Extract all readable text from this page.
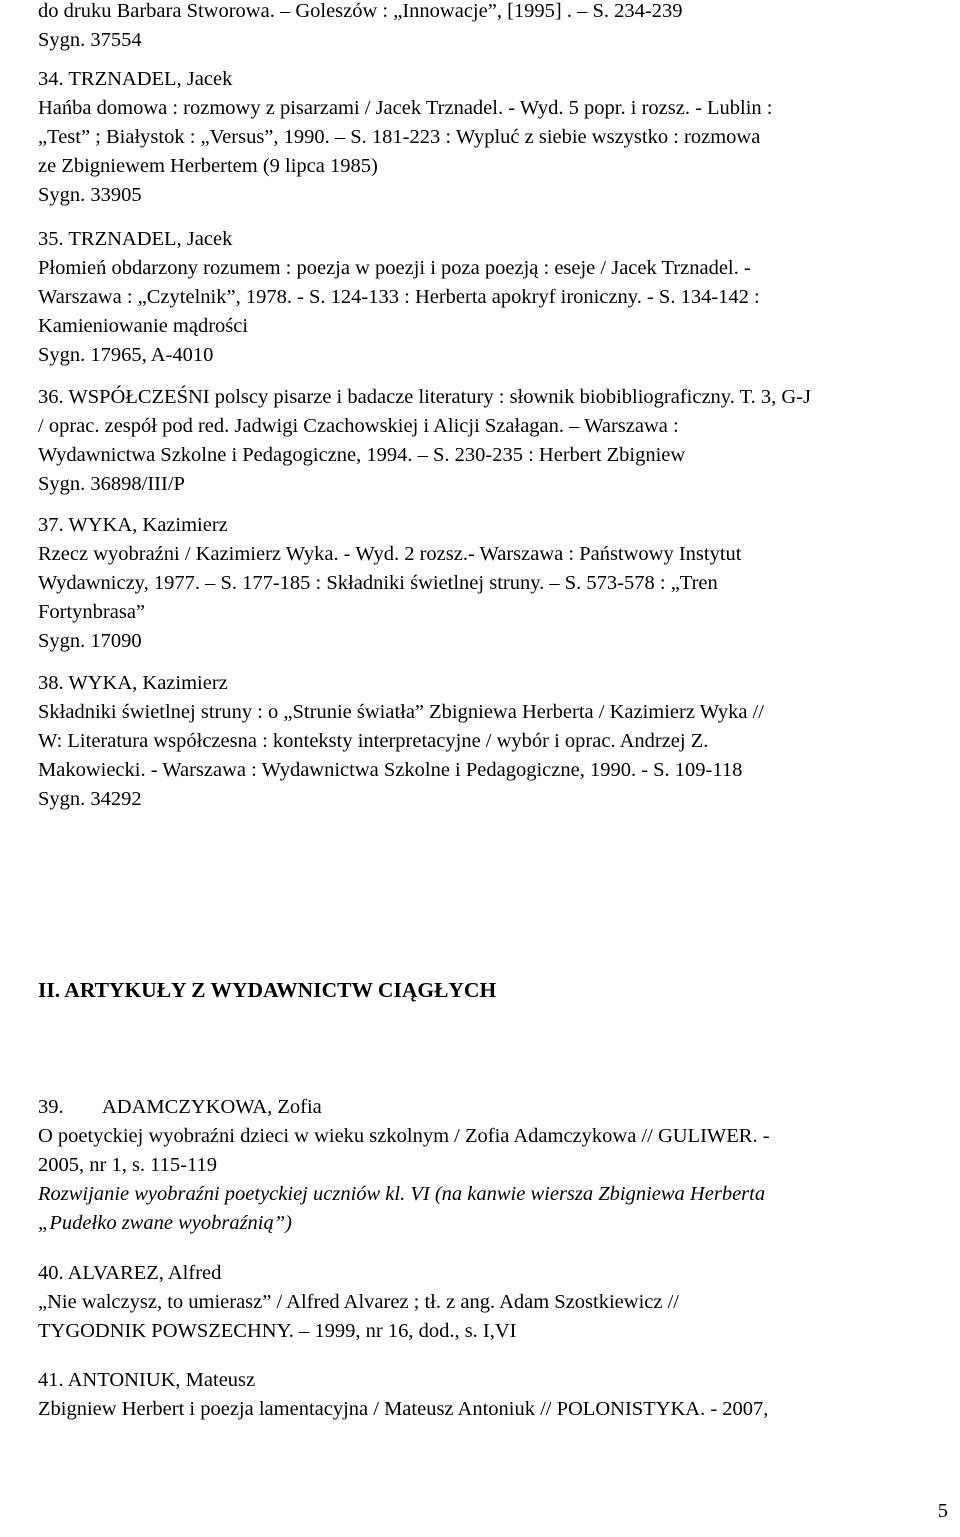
do druku Barbara Stworowa. – Goleszów : „Innowacje”, [1995] . – S. 234-239
Sygn. 37554
34. TRZNADEL, Jacek
Hańba domowa : rozmowy z pisarzami / Jacek Trznadel. - Wyd. 5 popr. i rozsz. - Lublin :
„Test” ; Białystok : „Versus”, 1990. – S. 181-223 : Wypluć z siebie wszystko : rozmowa
ze Zbigniewem Herbertem (9 lipca 1985)
Sygn. 33905
35. TRZNADEL, Jacek
Płomień obdarzony rozumem : poezja w poezji i poza poezją : eseje / Jacek Trznadel. -
Warszawa : „Czytelnik”, 1978. - S. 124-133 : Herberta apokryf ironiczny. - S. 134-142 :
Kamieniowanie mądrości
Sygn. 17965, A-4010
36. WSPÓŁCZEŚNI polscy pisarze i badacze literatury : słownik biobibliograficzny. T. 3, G-J
/ oprac. zespół pod red. Jadwigi Czachowskiej i Alicji Szałagan. – Warszawa :
Wydawnictwa Szkolne i Pedagogiczne, 1994. – S. 230-235 : Herbert Zbigniew
Sygn. 36898/III/P
37. WYKA, Kazimierz
Rzecz wyobraźni / Kazimierz Wyka. - Wyd. 2 rozsz.- Warszawa : Państwowy Instytut
Wydawniczy, 1977. – S. 177-185 : Składniki świetlnej struny. – S. 573-578 : „Tren
Fortynbrasa”
Sygn. 17090
38. WYKA, Kazimierz
Składniki świetlnej struny : o „Strunie światła” Zbigniewa Herberta / Kazimierz Wyka //
W: Literatura współczesna : konteksty interpretacyjne / wybór i oprac. Andrzej Z.
Makowiecki. - Warszawa : Wydawnictwa Szkolne i Pedagogiczne, 1990. - S. 109-118
Sygn. 34292
II. ARTYKUŁY Z WYDAWNICTW CIĄGŁYCH
39. ADAMCZYKOWA, Zofia
O poetyckiej wyobraźni dzieci w wieku szkolnym / Zofia Adamczykowa // GULIWER. -
2005, nr 1, s. 115-119
Rozwijanie wyobraźni poetyckiej uczniów kl. VI (na kanwie wiersza Zbigniewa Herberta
„Pudełko zwane wyobraźnią”)
40. ALVAREZ, Alfred
„Nie walczysz, to umierasz” / Alfred Alvarez ; tł. z ang. Adam Szostkiewicz //
TYGODNIK POWSZECHNY. – 1999, nr 16, dod., s. I,VI
41. ANTONIUK, Mateusz
Zbigniew Herbert i poezja lamentacyjna / Mateusz Antoniuk // POLONISTYKA. - 2007,
5
